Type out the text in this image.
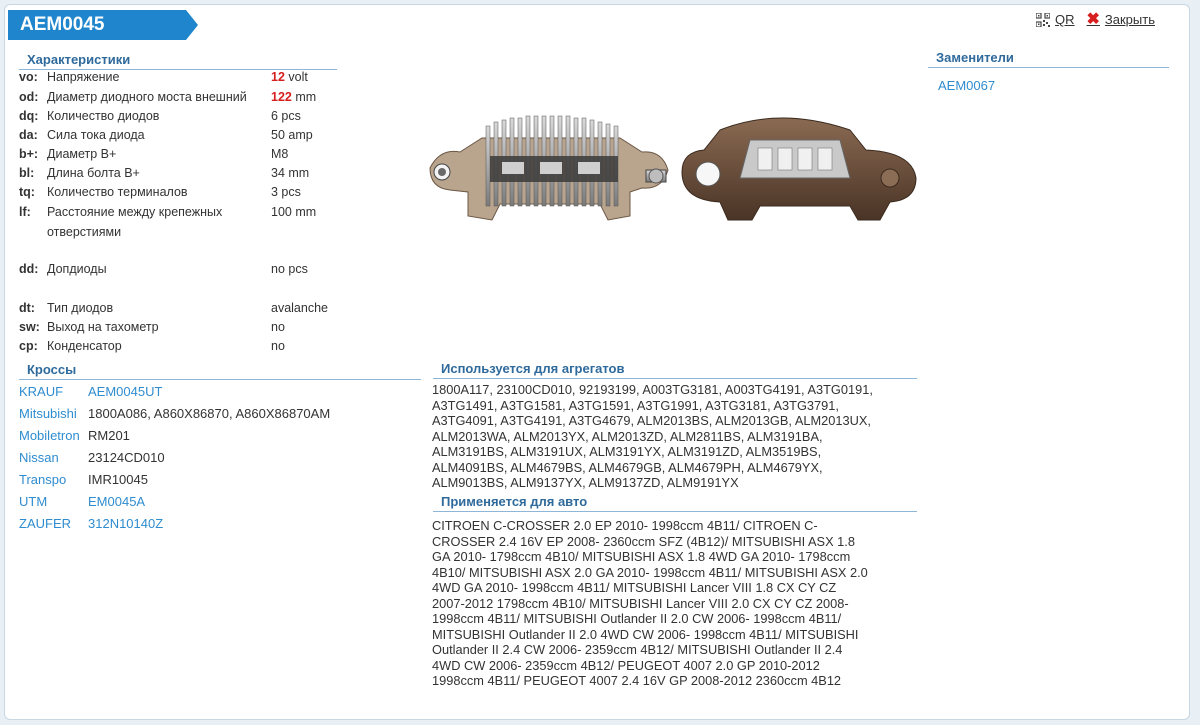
AEM0045	QR ✖ Закрыть
Характеристики
vo: Напряжение	12 volt
od: Диаметр диодного моста внешний	122 mm
dq: Количество диодов	6 pcs
da: Сила тока диода	50 amp
b+: Диаметр B+	M8
bl: Длина болта B+	34 mm
tq: Количество терминалов	3 pcs
lf: Расстояние между крепежных отверстиями
100 mm
dd: Допдиоды	no pcs
dt: Тип диодов	avalanche
sw: Выход на тахометр	no
cp: Конденсатор	no
Кроссы
KRAUF AEM0045UT
Mitsubishi 1800A086, A860X86870, A860X86870AM
Mobiletron RM201
Nissan 23124CD010
Transpo IMR10045
UTM	EM0045A
ZAUFER 312N10140Z
Используется для агрегатов
1800A117, 23100CD010, 92193199, A003TG3181, A003TG4191, A3TG0191,
A3TG1491, A3TG1581, A3TG1591, A3TG1991, A3TG3181, A3TG3791,
A3TG4091, A3TG4191, A3TG4679, ALM2013BS, ALM2013GB, ALM2013UX,
ALM2013WA, ALM2013YX, ALM2013ZD, ALM2811BS, ALM3191BA,
ALM3191BS, ALM3191UX, ALM3191YX, ALM3191ZD, ALM3519BS,
ALM4091BS, ALM4679BS, ALM4679GB, ALM4679PH, ALM4679YX,
ALM9013BS, ALM9137YX, ALM9137ZD, ALM9191YX
Применяется для авто
CITROEN C-CROSSER 2.0 EP 2010- 1998ccm 4B11/ CITROEN C-
CROSSER 2.4 16V EP 2008- 2360ccm SFZ (4B12)/ MITSUBISHI ASX 1.8
GA 2010- 1798ccm 4B10/ MITSUBISHI ASX 1.8 4WD GA 2010- 1798ccm
4B10/ MITSUBISHI ASX 2.0 GA 2010- 1998ccm 4B11/ MITSUBISHI ASX 2.0
4WD GA 2010- 1998ccm 4B11/ MITSUBISHI Lancer VIII 1.8 CX CY CZ
2007-2012 1798ccm 4B10/ MITSUBISHI Lancer VIII 2.0 CX CY CZ 2008-
1998ccm 4B11/ MITSUBISHI Outlander II 2.0 CW 2006- 1998ccm 4B11/
MITSUBISHI Outlander II 2.0 4WD CW 2006- 1998ccm 4B11/ MITSUBISHI
Outlander II 2.4 CW 2006- 2359ccm 4B12/ MITSUBISHI Outlander II 2.4
4WD CW 2006- 2359ccm 4B12/ PEUGEOT 4007 2.0 GP 2010-2012
1998ccm 4B11/ PEUGEOT 4007 2.4 16V GP 2008-2012 2360ccm 4B12
Заменители
AEM0067
